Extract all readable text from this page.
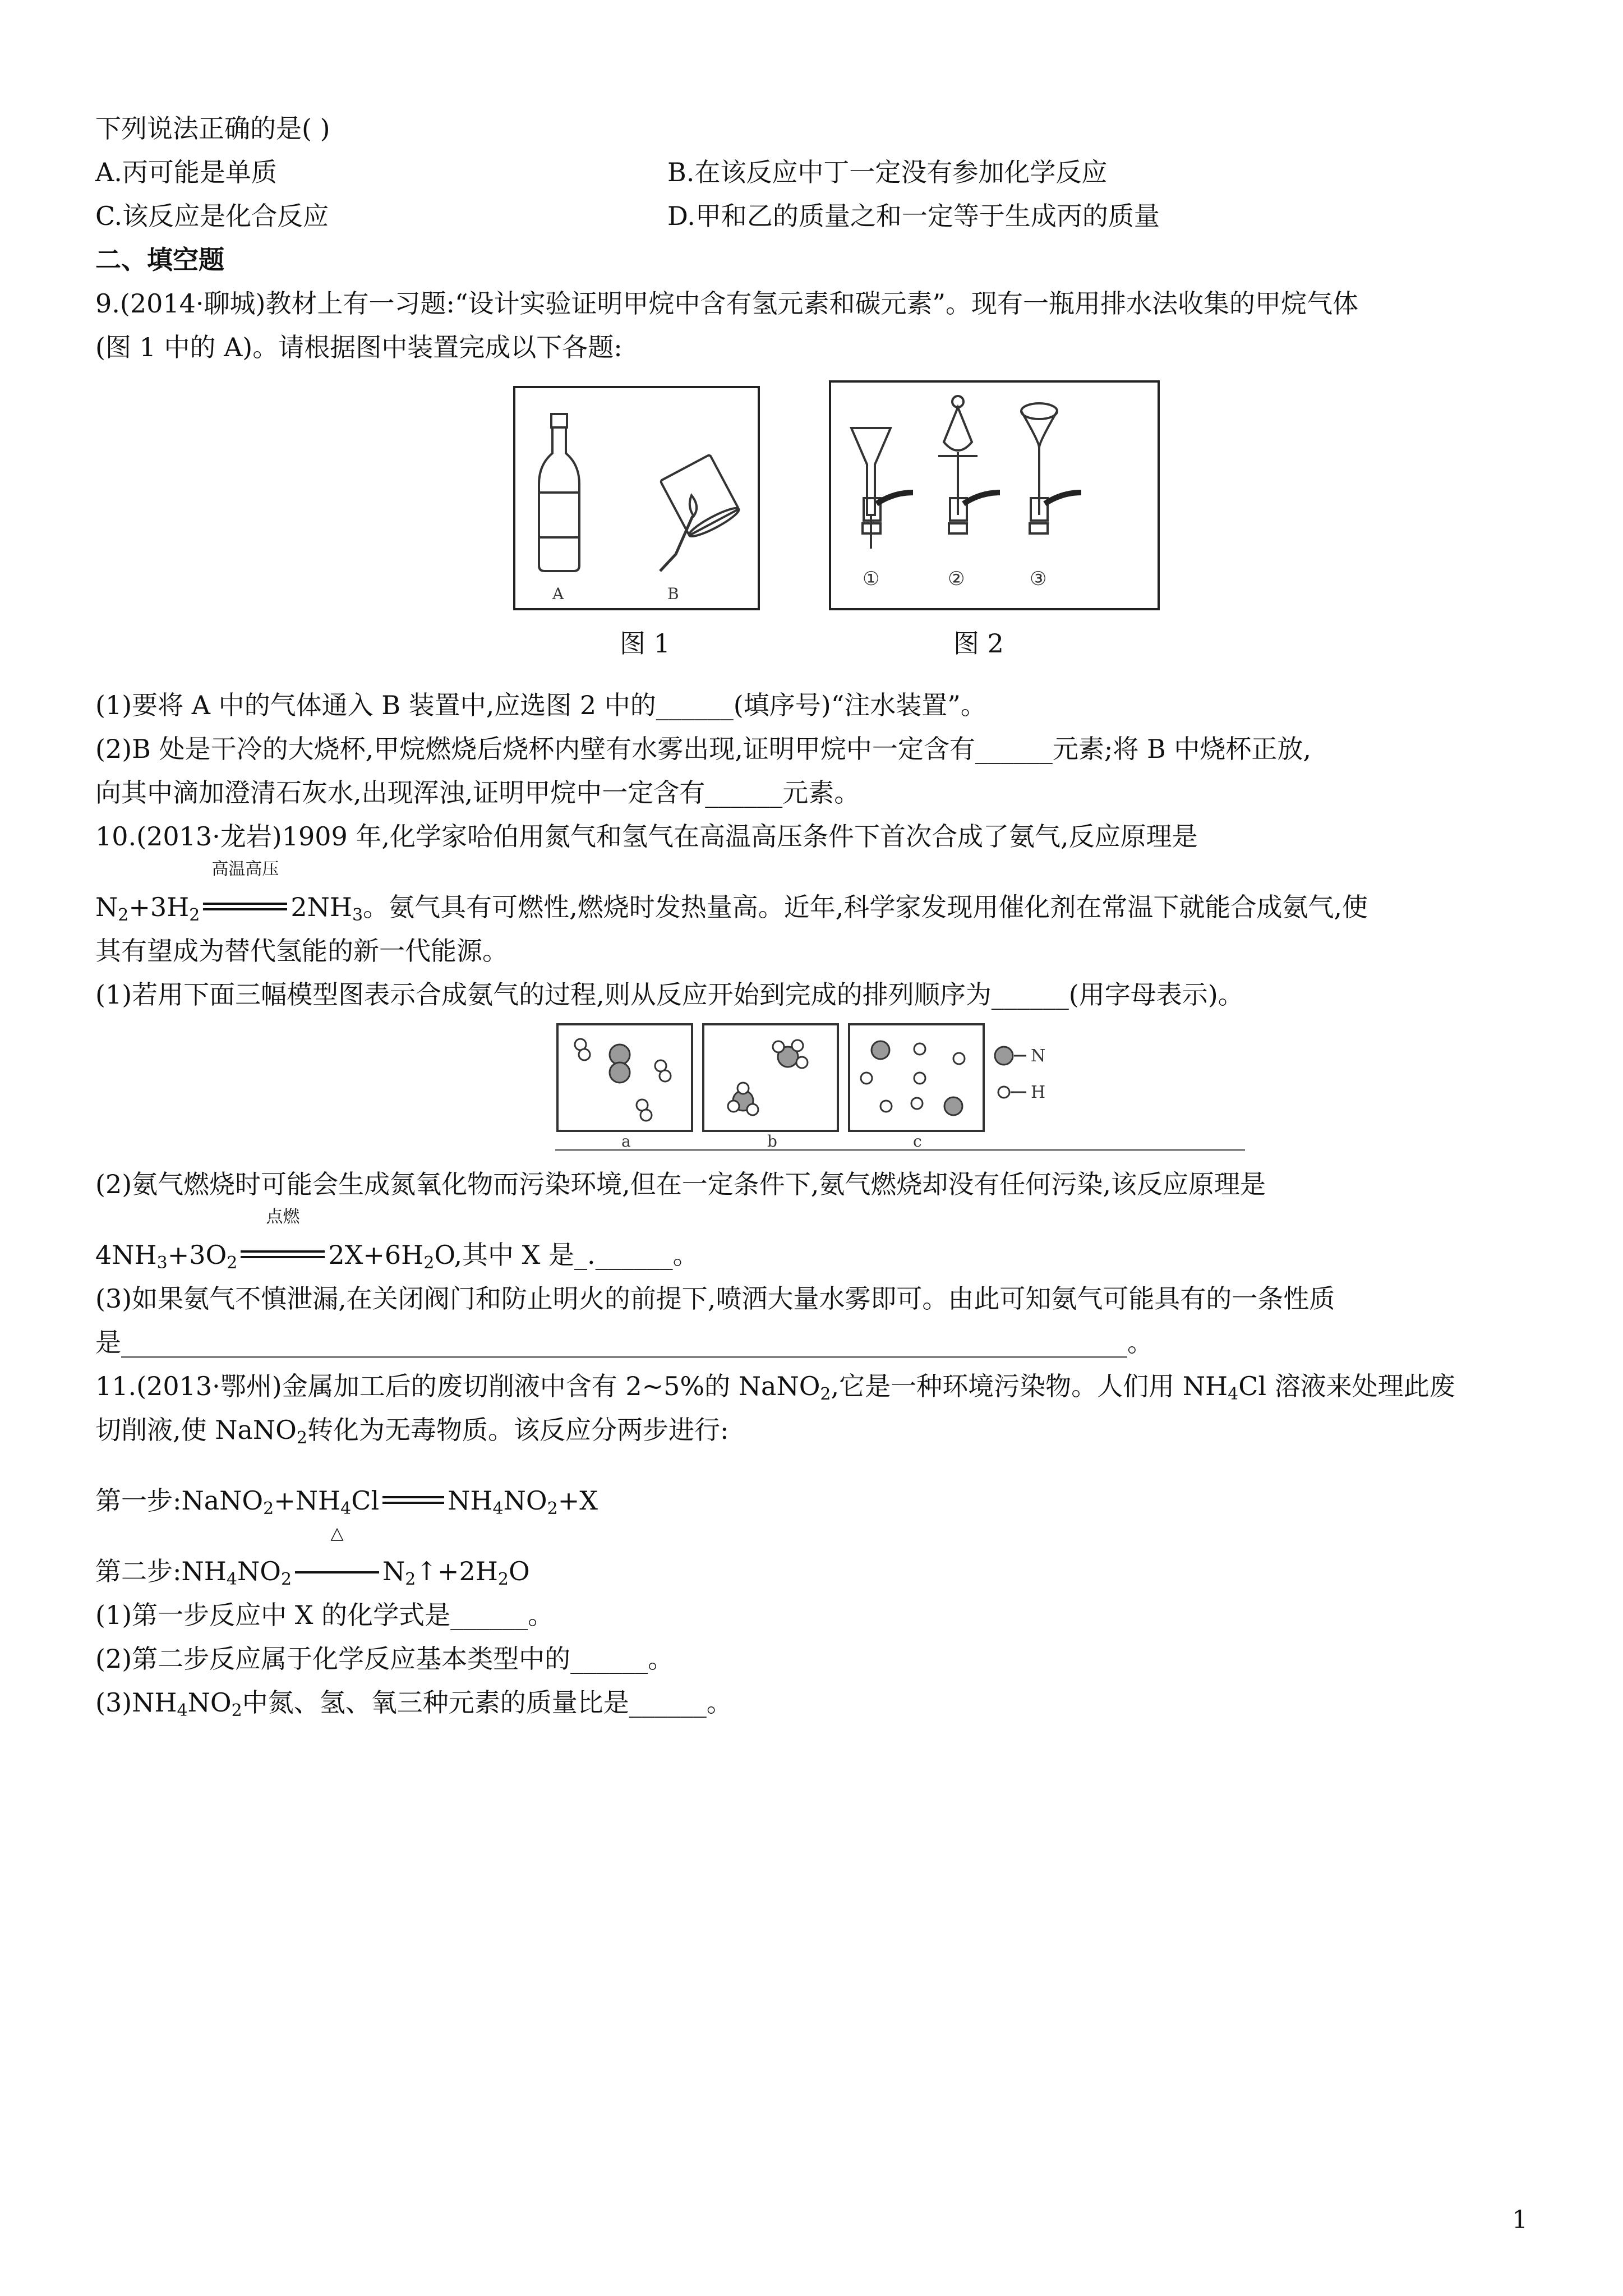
下列说法正确的是( )
A.丙可能是单质	B.在该反应中丁一定没有参加化学反应
C.该反应是化合反应	D.甲和乙的质量之和一定等于生成丙的质量
二、填空题
9.(2014·聊城)教材上有一习题:“设计实验证明甲烷中含有氢元素和碳元素”。现有一瓶用排水法收集的甲烷气体
(图 1 中的 A)。请根据图中装置完成以下各题:
A	B
①	②	③
图 1	图 2
(1)要将 A 中的气体通入 B 装置中,应选图 2 中的______(填序号)“注水装置”。
(2)B 处是干冷的大烧杯,甲烷燃烧后烧杯内壁有水雾出现,证明甲烷中一定含有______元素;将 B 中烧杯正放,
向其中滴加澄清石灰水,出现浑浊,证明甲烷中一定含有______元素。
10.(2013·龙岩)1909 年,化学家哈伯用氮气和氢气在高温高压条件下首次合成了氨气,反应原理是
$N_2+3H_2$
高温高压
$2NH_3$。氨气具有可燃性,燃烧时发热量高。近年,科学家发现用催化剂在常温下就能合成氨气,使
其有望成为替代氢能的新一代能源。
(1)若用下面三幅模型图表示合成氨气的过程,则从反应开始到完成的排列顺序为______(用字母表示)。
N
H
a	b	c
(2)氨气燃烧时可能会生成氮氧化物而污染环境,但在一定条件下,氨气燃烧却没有任何污染,该反应原理是
$4NH_3+3O_2$
点燃
$2X+6H_2O$,其中 X 是_.______。
(3)如果氨气不慎泄漏,在关闭阀门和防止明火的前提下,喷洒大量水雾即可。由此可知氨气可能具有的一条性质
是______________________________________________________________________________。
11.(2013·鄂州)金属加工后的废切削液中含有 2~5%的 NaNO$_2$,它是一种环境污染物。人们用 $NH_4Cl$ 溶液来处理此废
切削液,使 NaNO$_2$转化为无毒物质。该反应分两步进行:
第一步$:NaNO_2+NH_4Cl$	$NH_4NO_2+X$
第二步$:NH_4NO_2$
△
$N_2↑+2H_2O$
(1)第一步反应中 X 的化学式是______。
(2)第二步反应属于化学反应基本类型中的______。
$(3)NH_4NO_2$中氮、氢、氧三种元素的质量比是______。
1
